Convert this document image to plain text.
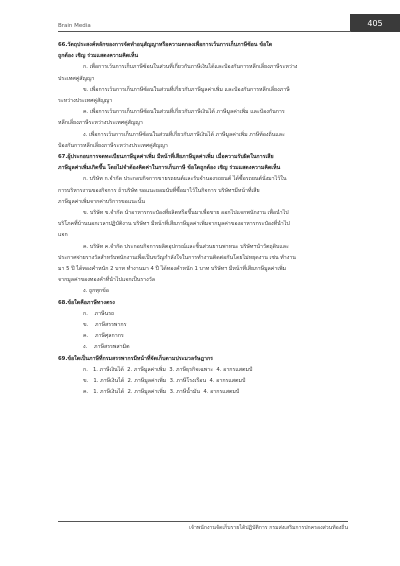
Brain Media	405

66.วัตถุประสงค์หลักของการจัดทำอนุสัญญาหรือความตกลงเพื่อการเว้นการเก็บภาษีซ้อน ข้อใด

ถูกต้อง เชิญ ร่วมแสดงความคิดเห็น

ก. เพื่อการเว้นการเก็บภาษีซ้อนในส่วนที่เกี่ยวกับภาษีเงินได้และป้องกันการหลีกเลี่ยงภาษีระหว่าง

ประเทศคู่สัญญา

ข. เพื่อการเว้นการเก็บภาษีซ้อนในส่วนที่เกี่ยวกับภาษีมูลค่าเพิ่ม และป้องกันการหลีกเลี่ยงภาษี

ระหว่างประเทศคู่สัญญา

ค. เพื่อการเว้นการเก็บภาษีซ้อนในส่วนที่เกี่ยวกับภาษีเงินได้ ภาษีมูลค่าเพิ่ม และป้องกันการ

หลีกเลี่ยงภาษีระหว่างประเทศคู่สัญญา

ง. เพื่อการเว้นการเก็บภาษีซ้อนในส่วนที่เกี่ยวกับภาษีเงินได้ ภาษีมูลค่าเพิ่ม ภาษีท้องถิ่นและ

ป้องกันการหลีกเลี่ยงภาษีระหว่างประเทศคู่สัญญา

67.ผู้ประกอบการจดทะเบียนภาษีมูลค่าเพิ่ม มีหน้าที่เสียภาษีมูลค่าเพิ่ม เมื่อความรับผิดในการเสีย

ภาษีมูลค่าเพิ่มเกิดขึ้น โดยไม่จำต้องคิดค่าในการเก็บภาษี ข้อใดถูกต้อง เชิญ ร่วมแสดงความคิดเห็น

ก. บริษัท ก.จำกัด ประกอบกิจการขายรถยนต์และรับจำนองรถยนต์ ได้ซื้อรถยนต์นั่งมาไว้ใน

การบริหารงานของกิจการ ถ้าบริษัท ขอแนะยอมนับที่ซื้อมาไว้ในกิจการ บริษัทฯมีหน้าที่เสีย

ภาษีมูลค่าเพิ่มจากค่าบริการขอแนะนั้น

ข. บริษัท ข.จำกัด นำอาหารกระป๋องที่ผลิตหรือขึ้นมาเพื่อขาย ออกไปแจกพนักงาน เพื่อนำไป

บริโภคที่บ้านนอกเวลาปฏิบัติงาน บริษัทฯ มีหน้าที่เสียภาษีมูลค่าเพิ่มจากมูลค่าของอาหารกระป๋องที่นำไป

แจก

ค. บริษัท ค.จำกัด ประกอบกิจการผลิตอุปกรณ์และชิ้นส่วนยานพาหนะ บริษัทฯนำวัตถุดิบและ

ประกาศจ่ายรางวัลสำหรับพนักงานเพื่อเป็นขวัญกำลังใจในการทำงานติดต่อกันโดยไม่หยุดงาน เช่น ทำงาน

มา 5 ปี ได้ทองคำหนัก 2 บาท ทำงานมา 4 ปี ได้ทองคำหนัก 1 บาท บริษัทฯ มีหน้าที่เสียภาษีมูลค่าเพิ่ม

จากมูลค่าของทองคำที่นำไปแจกเป็นรางวัล

ง. ถูกทุกข้อ

68.ข้อใดคือภาษีทางตรง

ก.    ภาษีนรถ

ข.    ภาษีสรรพากร

ค.    ภาษีศุลกากร

ง.    ภาษีสรรพสามิต

69.ข้อใดเป็นภาษีที่กรมสรรพากรมีหน้าที่จัดเก็บตามประมวลรัษฎากร

ก.   1. ภาษีเงินได้  2. ภาษีมูลค่าเพิ่ม  3. ภาษีธุรกิจเฉพาะ  4. อากรแสตมป์

ข.   1. ภาษีเงินได้  2. ภาษีมูลค่าเพิ่ม  3. ภาษีโรงเรือน  4. อากรแสตมป์

ค.   1. ภาษีเงินได้  2. ภาษีมูลค่าเพิ่ม  3. ภาษีน้ำมัน  4. อากรแสตมป์

เจ้าพนักงานจัดเก็บรายได้ปฏิบัติการ กรมส่งเสริมการปกครองส่วนท้องถิ่น
